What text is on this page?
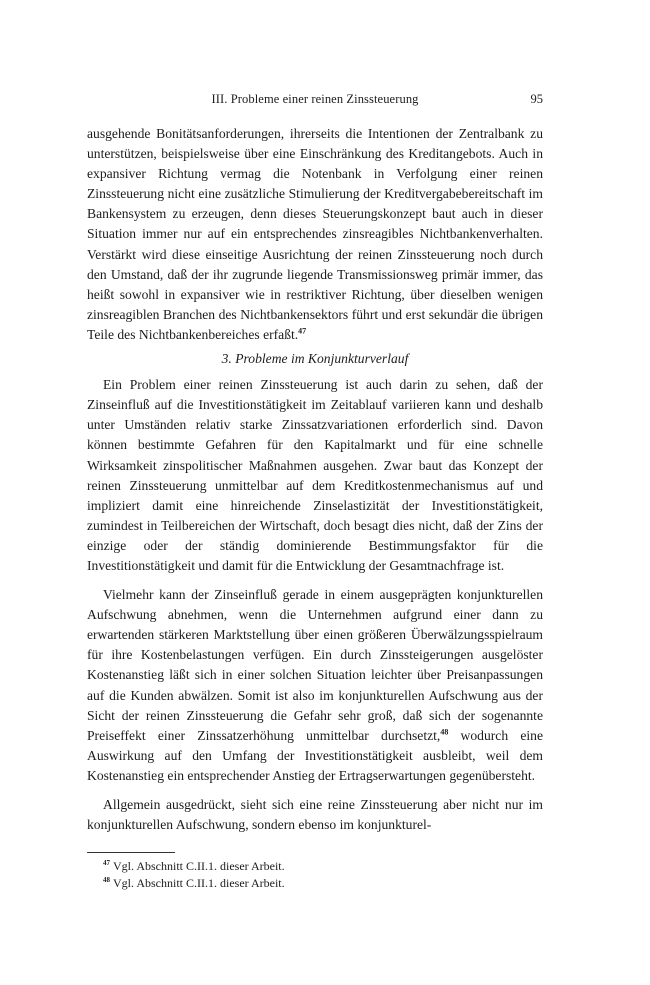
III. Probleme einer reinen Zinssteuerung	95

ausgehende Bonitätsanforderungen, ihrerseits die Intentionen der Zentralbank zu unterstützen, beispielsweise über eine Einschränkung des Kreditangebots. Auch in expansiver Richtung vermag die Notenbank in Verfolgung einer reinen Zinssteuerung nicht eine zusätzliche Stimulierung der Kreditvergabebereitschaft im Bankensystem zu erzeugen, denn dieses Steuerungskonzept baut auch in dieser Situation immer nur auf ein entsprechendes zinsreagibles Nichtbankenverhalten. Verstärkt wird diese einseitige Ausrichtung der reinen Zinssteuerung noch durch den Umstand, daß der ihr zugrunde liegende Transmissionsweg primär immer, das heißt sowohl in expansiver wie in restriktiver Richtung, über dieselben wenigen zinsreagiblen Branchen des Nichtbankensektors führt und erst sekundär die übrigen Teile des Nichtbankenbereiches erfaßt.$^{47}$

3. Probleme im Konjunkturverlauf

Ein Problem einer reinen Zinssteuerung ist auch darin zu sehen, daß der Zinseinfluß auf die Investitionstätigkeit im Zeitablauf variieren kann und deshalb unter Umständen relativ starke Zinssatzvariationen erforderlich sind. Davon können bestimmte Gefahren für den Kapitalmarkt und für eine schnelle Wirksamkeit zinspolitischer Maßnahmen ausgehen. Zwar baut das Konzept der reinen Zinssteuerung unmittelbar auf dem Kreditkostenmechanismus auf und impliziert damit eine hinreichende Zinselastizität der Investitionstätigkeit, zumindest in Teilbereichen der Wirtschaft, doch besagt dies nicht, daß der Zins der einzige oder der ständig dominierende Bestimmungsfaktor für die Investitionstätigkeit und damit für die Entwicklung der Gesamtnachfrage ist.

Vielmehr kann der Zinseinfluß gerade in einem ausgeprägten konjunkturellen Aufschwung abnehmen, wenn die Unternehmen aufgrund einer dann zu erwartenden stärkeren Marktstellung über einen größeren Überwälzungsspielraum für ihre Kostenbelastungen verfügen. Ein durch Zinssteigerungen ausgelöster Kostenanstieg läßt sich in einer solchen Situation leichter über Preisanpassungen auf die Kunden abwälzen. Somit ist also im konjunkturellen Aufschwung aus der Sicht der reinen Zinssteuerung die Gefahr sehr groß, daß sich der sogenannte Preiseffekt einer Zinssatzerhöhung unmittelbar durchsetzt,$^{48}$ wodurch eine Auswirkung auf den Umfang der Investitionstätigkeit ausbleibt, weil dem Kostenanstieg ein entsprechender Anstieg der Ertragserwartungen gegenübersteht.

Allgemein ausgedrückt, sieht sich eine reine Zinssteuerung aber nicht nur im konjunkturellen Aufschwung, sondern ebenso im konjunkturel-

$^{47}$ Vgl. Abschnitt C.II.1. dieser Arbeit.
$^{48}$ Vgl. Abschnitt C.II.1. dieser Arbeit.
